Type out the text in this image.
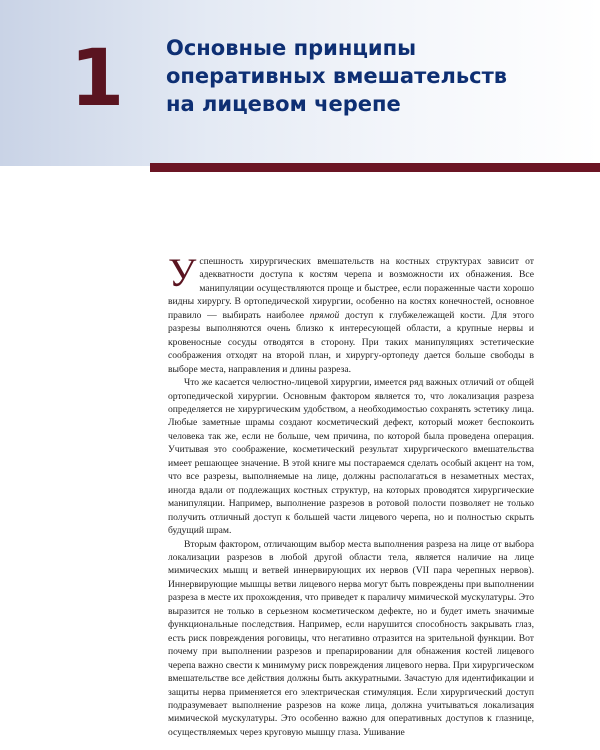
1 Основные принципы
оперативных вмешательств
на лицевом черепе

Успешность хирургических вмешательств на костных структурах зависит от адекватности доступа к костям черепа и возможности их обнажения. Все манипуляции осуществляются проще и быстрее, если пораженные части хорошо видны хирургу. В ортопедической хирургии, особенно на костях конечностей, основное правило — выбирать наиболее прямой доступ к глубжележащей кости. Для этого разрезы выполняются очень близко к интересующей области, а крупные нервы и кровеносные сосуды отводятся в сторону. При таких манипуляциях эстетические соображения отходят на второй план, и хирургу-ортопеду дается больше свободы в выборе места, направления и длины разреза.

Что же касается челюстно-лицевой хирургии, имеется ряд важных отличий от общей ортопедической хирургии. Основным фактором является то, что локализация разреза определяется не хирургическим удобством, а необходимостью сохранять эстетику лица. Любые заметные шрамы создают косметический дефект, который может беспокоить человека так же, если не больше, чем причина, по которой была проведена операция. Учитывая это соображение, косметический результат хирургического вмешательства имеет решающее значение. В этой книге мы постараемся сделать особый акцент на том, что все разрезы, выполняемые на лице, должны располагаться в незаметных местах, иногда вдали от подлежащих костных структур, на которых проводятся хирургические манипуляции. Например, выполнение разрезов в ротовой полости позволяет не только получить отличный доступ к большей части лицевого черепа, но и полностью скрыть будущий шрам.

Вторым фактором, отличающим выбор места выполнения разреза на лице от выбора локализации разрезов в любой другой области тела, является наличие на лице мимических мышц и ветвей иннервирующих их нервов (VII пара черепных нервов). Иннервирующие мышцы ветви лицевого нерва могут быть повреждены при выполнении разреза в месте их прохождения, что приведет к параличу мимической мускулатуры. Это выразится не только в серьезном косметическом дефекте, но и будет иметь значимые функциональные последствия. Например, если нарушится способность закрывать глаз, есть риск повреждения роговицы, что негативно отразится на зрительной функции. Вот почему при выполнении разрезов и препарировании для обнажения костей лицевого черепа важно свести к минимуму риск повреждения лицевого нерва. При хирургическом вмешательстве все действия должны быть аккуратными. Зачастую для идентификации и защиты нерва применяется его электрическая стимуляция. Если хирургический доступ подразумевает выполнение разрезов на коже лица, должна учитываться локализация мимической мускулатуры. Это особенно важно для оперативных доступов к глазнице, осуществляемых через круговую мышцу глаза. Ушивание
